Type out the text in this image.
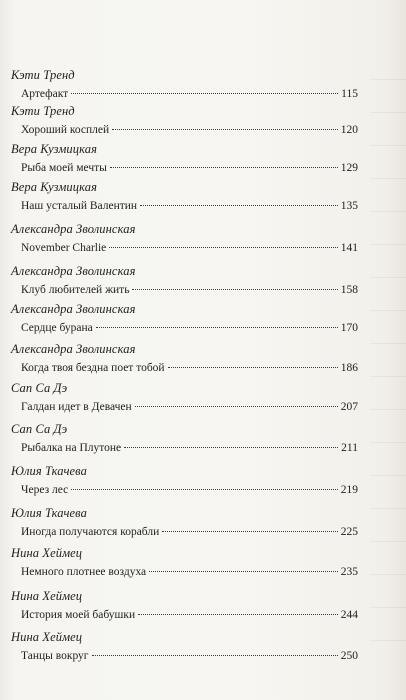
Кэти Тренд
Артефакт	115
Кэти Тренд
Хороший косплей	120
Вера Кузмицкая
Рыба моей мечты	129
Вера Кузмицкая
Наш усталый Валентин	135
Александра Зволинская
November Charlie	141
Александра Зволинская
Клуб любителей жить	158
Александра Зволинская
Сердце бурана	170
Александра Зволинская
Когда твоя бездна поет тобой	186
Сап Са Дэ
Галдан идет в Девачен	207
Сап Са Дэ
Рыбалка на Плутоне	211
Юлия Ткачева
Через лес	219
Юлия Ткачева
Иногда получаются корабли	225
Нина Хеймец
Немного плотнее воздуха	235
Нина Хеймец
История моей бабушки	244
Нина Хеймец
Танцы вокруг	250
